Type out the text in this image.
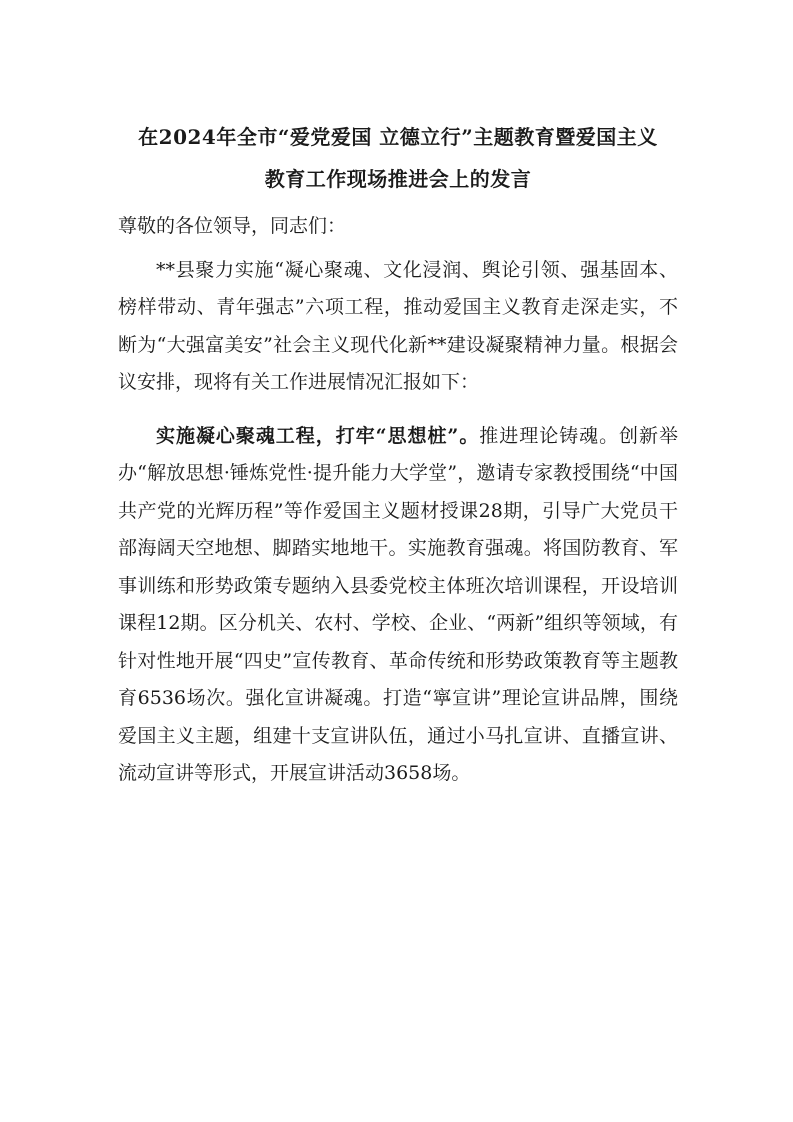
在2024年全市“爱党爱国 立德立行”主题教育暨爱国主义
教育工作现场推进会上的发言

尊敬的各位领导，同志们：

**县聚力实施“凝心聚魂、文化浸润、舆论引领、强基固本、榜样带动、青年强志”六项工程，推动爱国主义教育走深走实，不断为“大强富美安”社会主义现代化新**建设凝聚精神力量。根据会议安排，现将有关工作进展情况汇报如下：

实施凝心聚魂工程，打牢“思想桩”。推进理论铸魂。创新举办“解放思想·锤炼党性·提升能力大学堂”，邀请专家教授围绕“中国共产党的光辉历程”等作爱国主义题材授课28期，引导广大党员干部海阔天空地想、脚踏实地地干。实施教育强魂。将国防教育、军事训练和形势政策专题纳入县委党校主体班次培训课程，开设培训课程12期。区分机关、农村、学校、企业、“两新”组织等领域，有针对性地开展“四史”宣传教育、革命传统和形势政策教育等主题教育6536场次。强化宣讲凝魂。打造“寧宣讲”理论宣讲品牌，围绕爱国主义主题，组建十支宣讲队伍，通过小马扎宣讲、直播宣讲、流动宣讲等形式，开展宣讲活动3658场。
